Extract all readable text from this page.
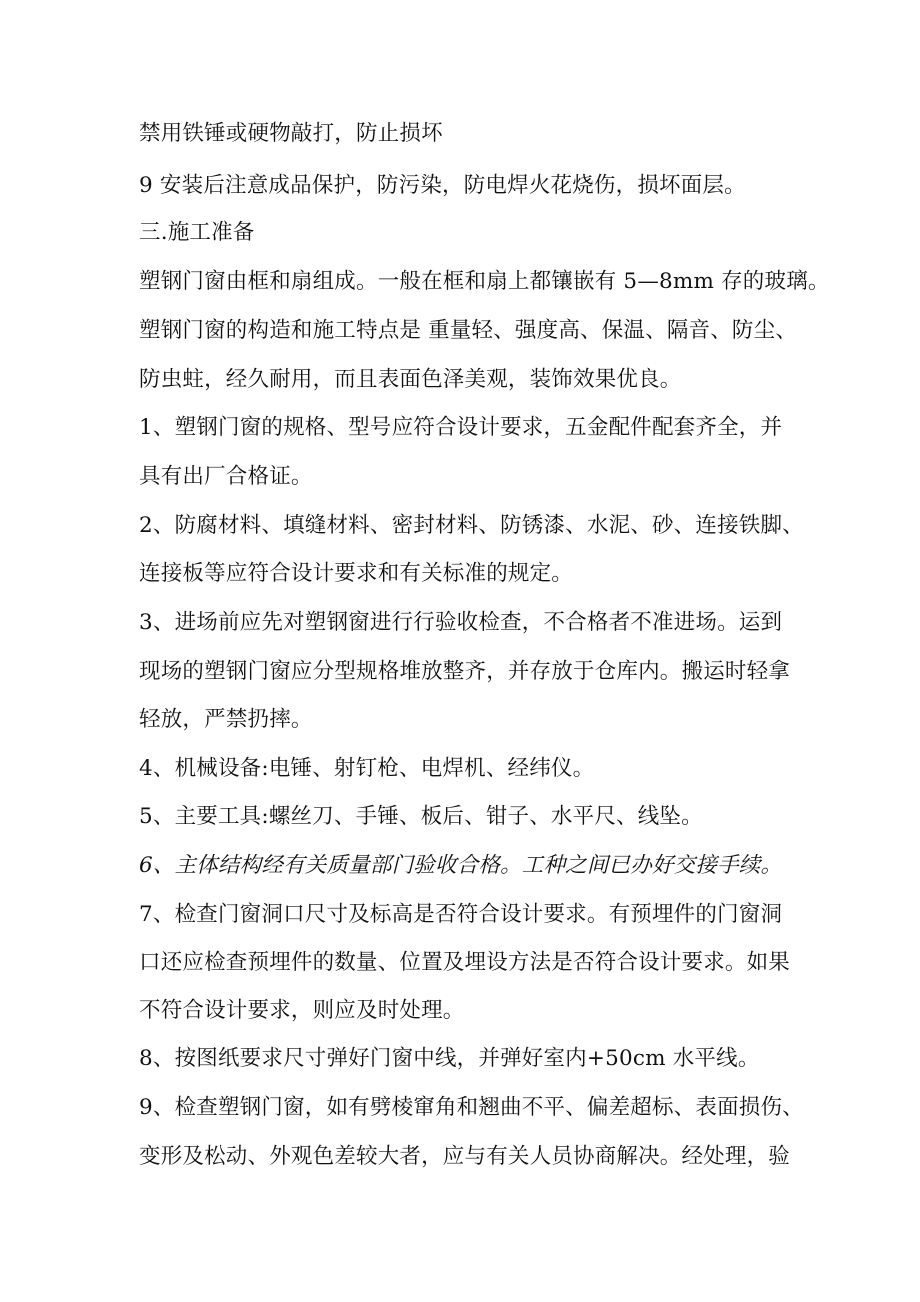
禁用铁锤或硬物敲打，防止损坏
9 安装后注意成品保护，防污染，防电焊火花烧伤，损坏面层。
三.施工准备
塑钢门窗由框和扇组成。一般在框和扇上都镶嵌有 5—8mm 存的玻璃。
塑钢门窗的构造和施工特点是 重量轻、强度高、保温、隔音、防尘、
防虫蛀，经久耐用，而且表面色泽美观，装饰效果优良。
1、塑钢门窗的规格、型号应符合设计要求，五金配件配套齐全，并
具有出厂合格证。
2、防腐材料、填缝材料、密封材料、防锈漆、水泥、砂、连接铁脚、
连接板等应符合设计要求和有关标准的规定。
3、进场前应先对塑钢窗进行行验收检查，不合格者不准进场。运到
现场的塑钢门窗应分型规格堆放整齐，并存放于仓库内。搬运时轻拿
轻放，严禁扔摔。
4、机械设备:电锤、射钉枪、电焊机、经纬仪。
5、主要工具:螺丝刀、手锤、板后、钳子、水平尺、线坠。
6、主体结构经有关质量部门验收合格。工种之间已办好交接手续。
7、检查门窗洞口尺寸及标高是否符合设计要求。有预埋件的门窗洞
口还应检查预埋件的数量、位置及埋设方法是否符合设计要求。如果
不符合设计要求，则应及时处理。
8、按图纸要求尺寸弹好门窗中线，并弹好室内+50cm 水平线。
9、检查塑钢门窗，如有劈棱窜角和翘曲不平、偏差超标、表面损伤、
变形及松动、外观色差较大者，应与有关人员协商解决。经处理，验
